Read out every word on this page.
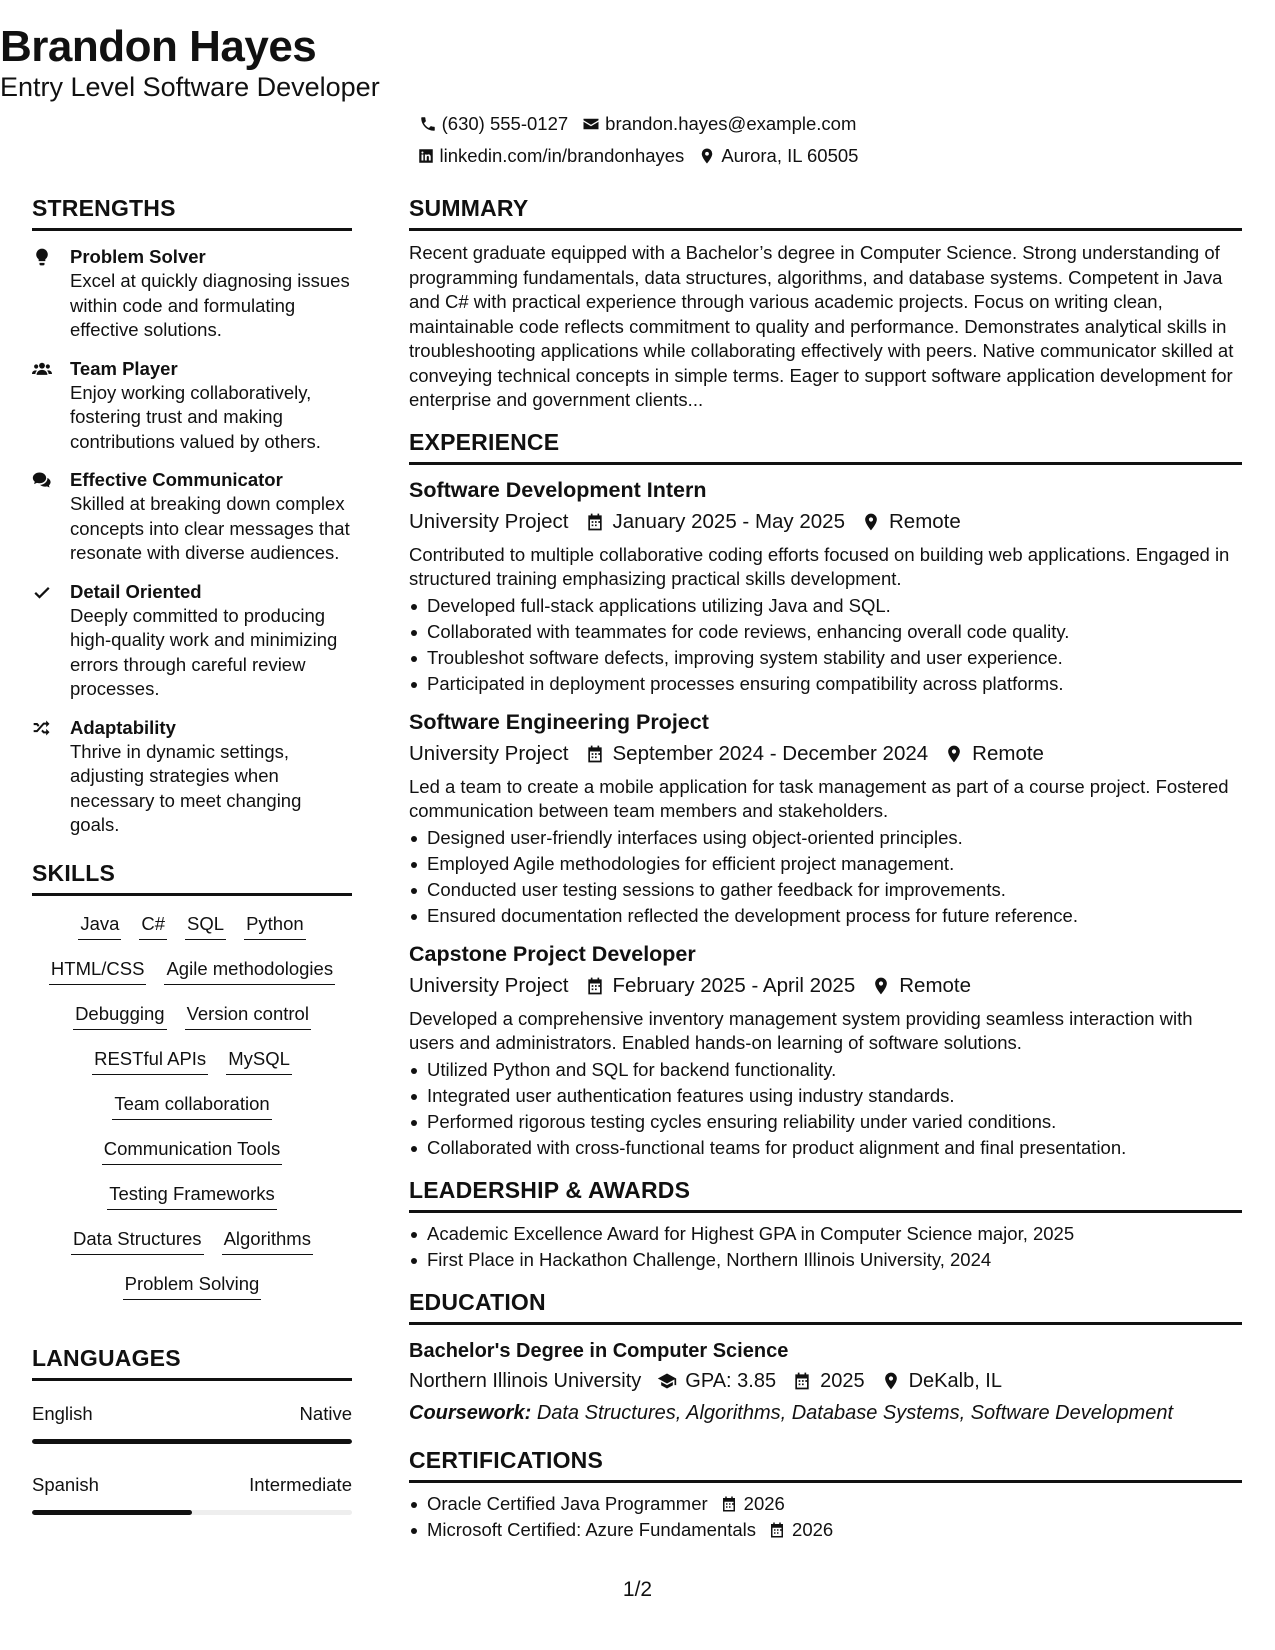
Brandon Hayes
Entry Level Software Developer
(630) 555-0127 brandon.hayes@example.com
linkedin.com/in/brandonhayes Aurora, IL 60505
STRENGTHS
Problem Solver
Excel at quickly diagnosing issues within code and formulating effective solutions.
Team Player
Enjoy working collaboratively, fostering trust and making contributions valued by others.
Effective Communicator
Skilled at breaking down complex concepts into clear messages that resonate with diverse audiences.
Detail Oriented
Deeply committed to producing high-quality work and minimizing errors through careful review processes.
Adaptability
Thrive in dynamic settings, adjusting strategies when necessary to meet changing goals.
SKILLS
Java C# SQL Python
HTML/CSS Agile methodologies
Debugging Version control
RESTful APIs MySQL
Team collaboration
Communication Tools
Testing Frameworks
Data Structures Algorithms
Problem Solving
LANGUAGES
English	Native
Spanish	Intermediate
SUMMARY
Recent graduate equipped with a Bachelor’s degree in Computer Science. Strong understanding of programming fundamentals, data structures, algorithms, and database systems. Competent in Java and C# with practical experience through various academic projects. Focus on writing clean, maintainable code reflects commitment to quality and performance. Demonstrates analytical skills in troubleshooting applications while collaborating effectively with peers. Native communicator skilled at conveying technical concepts in simple terms. Eager to support software application development for enterprise and government clients...
EXPERIENCE
Software Development Intern
University Project January 2025 - May 2025 Remote
Contributed to multiple collaborative coding efforts focused on building web applications. Engaged in structured training emphasizing practical skills development.
Developed full-stack applications utilizing Java and SQL.
Collaborated with teammates for code reviews, enhancing overall code quality.
Troubleshot software defects, improving system stability and user experience.
Participated in deployment processes ensuring compatibility across platforms.
Software Engineering Project
University Project September 2024 - December 2024 Remote
Led a team to create a mobile application for task management as part of a course project. Fostered communication between team members and stakeholders.
Designed user-friendly interfaces using object-oriented principles.
Employed Agile methodologies for efficient project management.
Conducted user testing sessions to gather feedback for improvements.
Ensured documentation reflected the development process for future reference.
Capstone Project Developer
University Project February 2025 - April 2025 Remote
Developed a comprehensive inventory management system providing seamless interaction with users and administrators. Enabled hands-on learning of software solutions.
Utilized Python and SQL for backend functionality.
Integrated user authentication features using industry standards.
Performed rigorous testing cycles ensuring reliability under varied conditions.
Collaborated with cross-functional teams for product alignment and final presentation.
LEADERSHIP & AWARDS
Academic Excellence Award for Highest GPA in Computer Science major, 2025
First Place in Hackathon Challenge, Northern Illinois University, 2024
EDUCATION
Bachelor's Degree in Computer Science
Northern Illinois University GPA: 3.85 2025 DeKalb, IL
Coursework: Data Structures, Algorithms, Database Systems, Software Development
CERTIFICATIONS
Oracle Certified Java Programmer 2026
Microsoft Certified: Azure Fundamentals 2026
1/2
